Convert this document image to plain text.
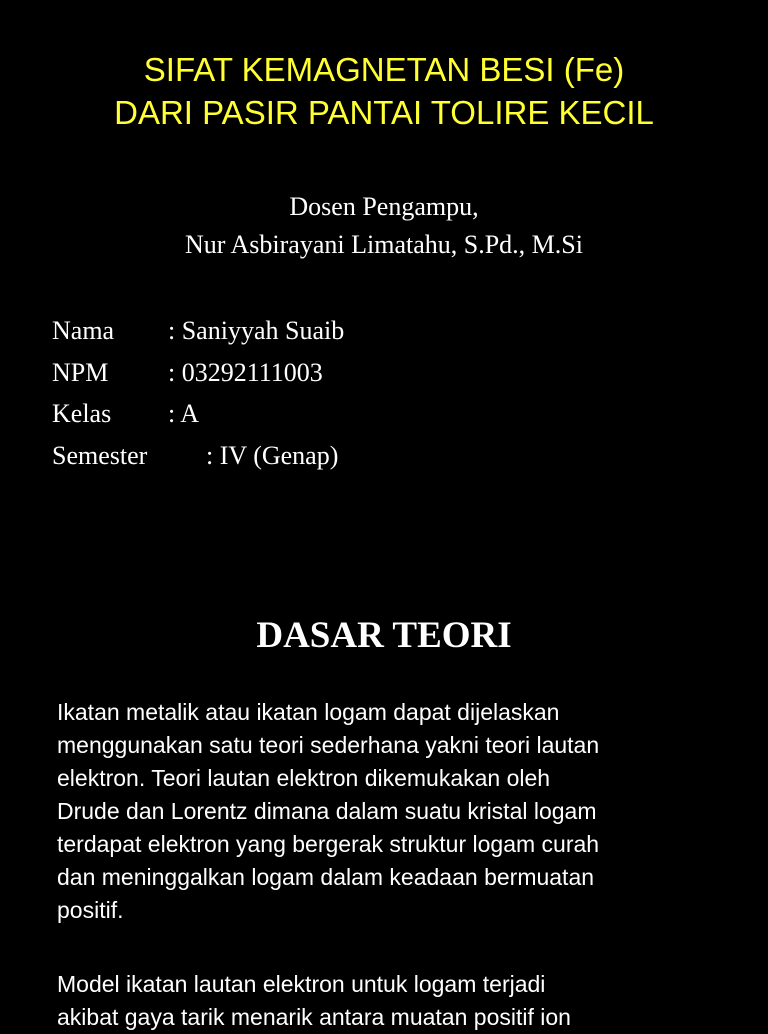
SIFAT KEMAGNETAN BESI (Fe)
DARI PASIR PANTAI TOLIRE KECIL
Dosen Pengampu,
Nur Asbirayani Limatahu, S.Pd., M.Si
Nama	: Saniyyah Suaib
NPM	: 03292111003
Kelas	: A
Semester	: IV (Genap)
DASAR TEORI
Ikatan metalik atau ikatan logam dapat dijelaskan
menggunakan satu teori sederhana yakni teori lautan
elektron. Teori lautan elektron dikemukakan oleh
Drude dan Lorentz dimana dalam suatu kristal logam
terdapat elektron yang bergerak struktur logam curah
dan meninggalkan logam dalam keadaan bermuatan
positif.
Model ikatan lautan elektron untuk logam terjadi
akibat gaya tarik menarik antara muatan positif ion
